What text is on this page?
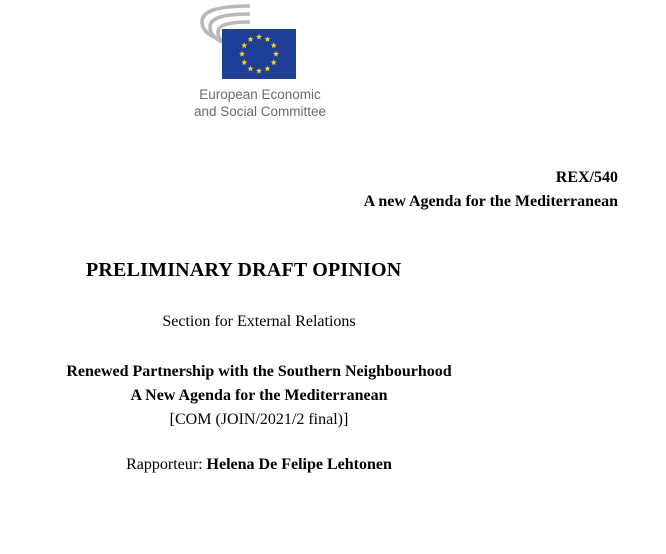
European Economic
and Social Committee
REX/540
A new Agenda for the Mediterranean
PRELIMINARY DRAFT OPINION
Section for External Relations
Renewed Partnership with the Southern Neighbourhood
A New Agenda for the Mediterranean
[COM (JOIN/2021/2 final)]
Rapporteur: Helena De Felipe Lehtonen
